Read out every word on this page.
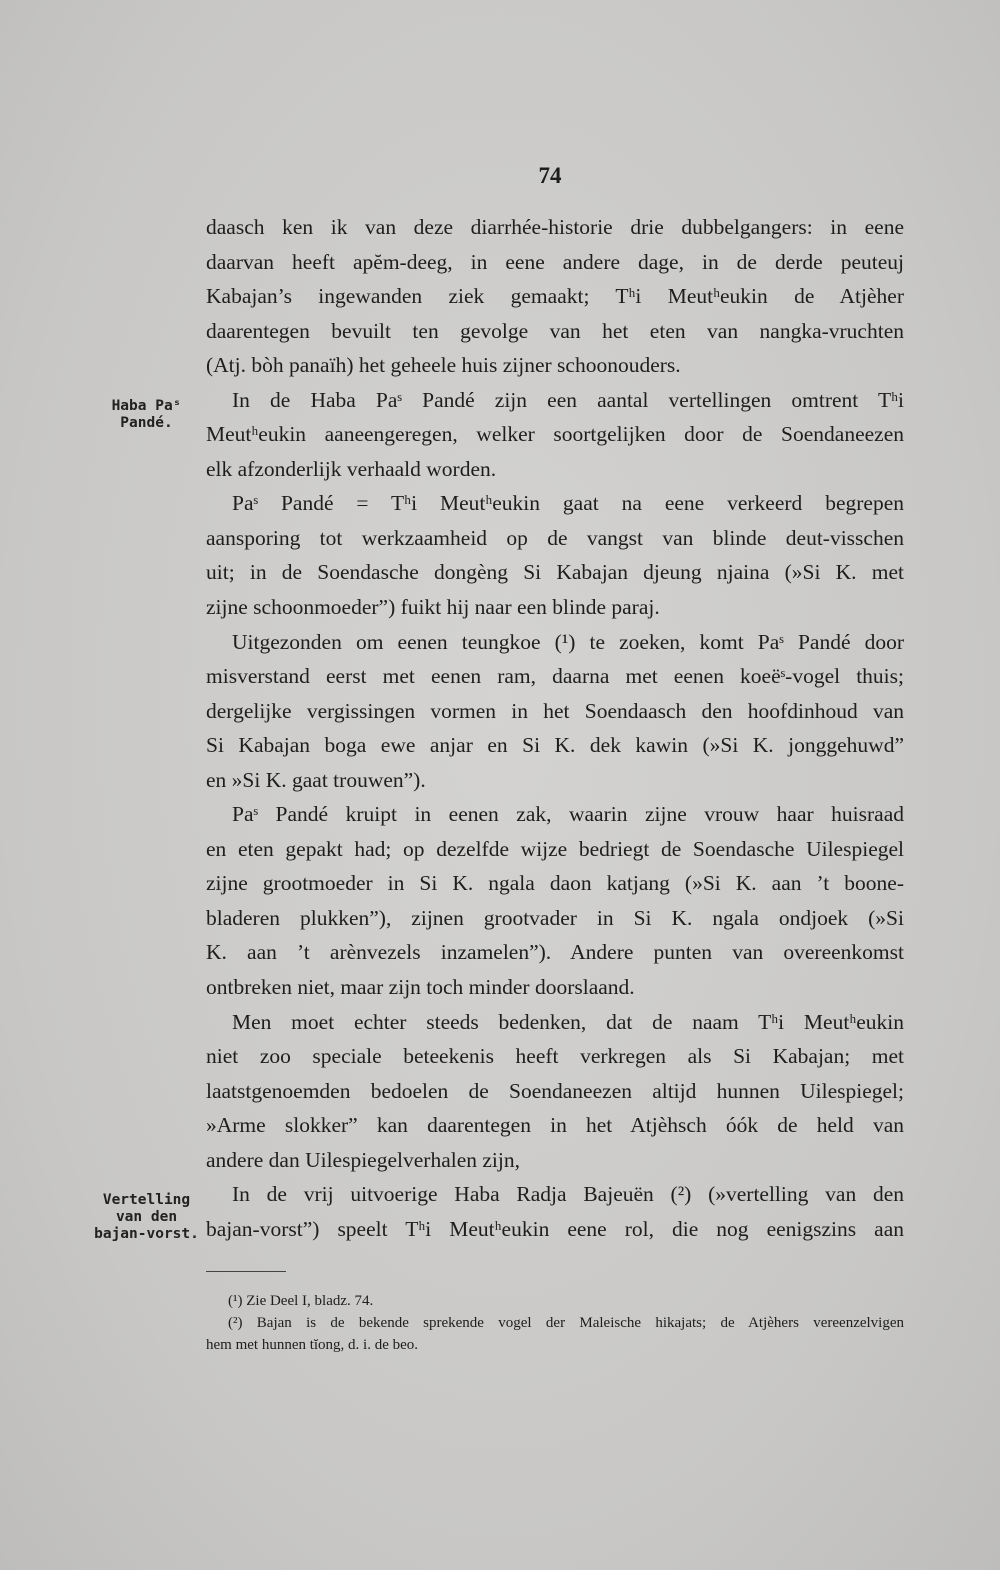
74
Haba Paˢ
Pandé.
Vertelling
van den
bajan-vorst.
daasch ken ik van deze diarrhée-historie drie dubbelgangers: in eene
daarvan heeft apĕm-deeg, in eene andere dage, in de derde peuteuj
Kabajan’s ingewanden ziek gemaakt; Tʰi Meutʰeukin de Atjèher
daarentegen bevuilt ten gevolge van het eten van nangka-vruchten
(Atj. bòh panaïh) het geheele huis zijner schoonouders.
In de Haba Paˢ Pandé zijn een aantal vertellingen omtrent Tʰi
Meutʰeukin aaneengeregen, welker soortgelijken door de Soendaneezen
elk afzonderlijk verhaald worden.
Paˢ Pandé = Tʰi Meutʰeukin gaat na eene verkeerd begrepen
aansporing tot werkzaamheid op de vangst van blinde deut-visschen
uit; in de Soendasche dongèng Si Kabajan djeung njaina (»Si K. met
zijne schoonmoeder”) fuikt hij naar een blinde paraj.
Uitgezonden om eenen teungkoe (¹) te zoeken, komt Paˢ Pandé door
misverstand eerst met eenen ram, daarna met eenen koeëˢ-vogel thuis;
dergelijke vergissingen vormen in het Soendaasch den hoofdinhoud van
Si Kabajan boga ewe anjar en Si K. dek kawin (»Si K. jonggehuwd”
en »Si K. gaat trouwen”).
Paˢ Pandé kruipt in eenen zak, waarin zijne vrouw haar huisraad
en eten gepakt had; op dezelfde wijze bedriegt de Soendasche Uilespiegel
zijne grootmoeder in Si K. ngala daon katjang (»Si K. aan ’t boone-
bladeren plukken”), zijnen grootvader in Si K. ngala ondjoek (»Si
K. aan ’t arènvezels inzamelen”). Andere punten van overeenkomst
ontbreken niet, maar zijn toch minder doorslaand.
Men moet echter steeds bedenken, dat de naam Tʰi Meutʰeukin
niet zoo speciale beteekenis heeft verkregen als Si Kabajan; met
laatstgenoemden bedoelen de Soendaneezen altijd hunnen Uilespiegel;
»Arme slokker” kan daarentegen in het Atjèhsch óók de held van
andere dan Uilespiegelverhalen zijn,
In de vrij uitvoerige Haba Radja Bajeuën (²) (»vertelling van den
bajan-vorst”) speelt Tʰi Meutʰeukin eene rol, die nog eenigszins aan
(¹) Zie Deel I, bladz. 74.
(²) Bajan is de bekende sprekende vogel der Maleische hikajats; de Atjèhers vereenzelvigen
hem met hunnen tĭong, d. i. de beo.
